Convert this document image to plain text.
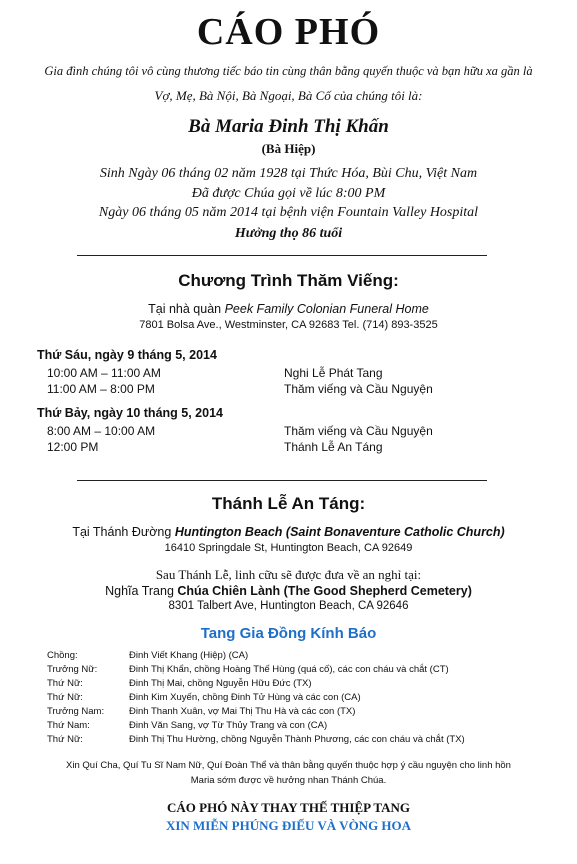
CÁO PHÓ
Gia đình chúng tôi vô cùng thương tiếc báo tin cùng thân bằng quyến thuộc và bạn hữu xa gần là
Vợ, Mẹ, Bà Nội, Bà Ngoại, Bà Cố của chúng tôi là:
Bà Maria Đinh Thị Khấn
(Bà Hiệp)
Sinh Ngày 06 tháng 02 năm 1928 tại Thức Hóa, Bùi Chu, Việt Nam
Đã được Chúa gọi về lúc 8:00 PM
Ngày 06 tháng 05 năm 2014 tại bệnh viện Fountain Valley Hospital
Hưởng thọ 86 tuổi
Chương Trình Thăm Viếng:
Tại nhà quàn Peek Family Colonian Funeral Home
7801 Bolsa Ave., Westminster, CA 92683 Tel. (714) 893-3525
Thứ Sáu, ngày 9 tháng 5, 2014
10:00 AM – 11:00 AM	Nghi Lễ Phát Tang
11:00 AM – 8:00 PM	Thăm viếng và Cầu Nguyện
Thứ Bảy, ngày 10 tháng 5, 2014
8:00 AM – 10:00 AM	Thăm viếng và Cầu Nguyện
12:00 PM	Thánh Lễ An Táng
Thánh Lễ An Táng:
Tại Thánh Đường Huntington Beach (Saint Bonaventure Catholic Church)
16410 Springdale St, Huntington Beach, CA 92649
Sau Thánh Lễ, linh cữu sẽ được đưa về an nghỉ tại:
Nghĩa Trang Chúa Chiên Lành (The Good Shepherd Cemetery)
8301 Talbert Ave, Huntington Beach, CA 92646
Tang Gia Đồng Kính Báo
Chồng:	Đinh Viết Khang (Hiệp) (CA)
Trưởng Nữ:	Đinh Thị Khẩn, chồng Hoàng Thế Hùng (quá cố), các con cháu và chắt (CT)
Thứ Nữ:	Đinh Thị Mai, chồng Nguyễn Hữu Đức (TX)
Thứ Nữ:	Đinh Kim Xuyến, chồng Đinh Tử Hùng và các con (CA)
Trưởng Nam:	Đinh Thanh Xuân, vợ Mai Thị Thu Hà và các con (TX)
Thứ Nam:	Đinh Văn Sang, vợ Từ Thủy Trang và con (CA)
Thứ Nữ:	Đinh Thị Thu Hường, chồng Nguyễn Thành Phương, các con cháu và chắt (TX)
Xin Quí Cha, Quí Tu Sĩ Nam Nữ, Quí Đoàn Thể và thân bằng quyến thuộc hợp ý cầu nguyện cho linh hồn
Maria sớm được về hưởng nhan Thánh Chúa.
CÁO PHÓ NÀY THAY THẾ THIỆP TANG
XIN MIỄN PHÚNG ĐIẾU VÀ VÒNG HOA
